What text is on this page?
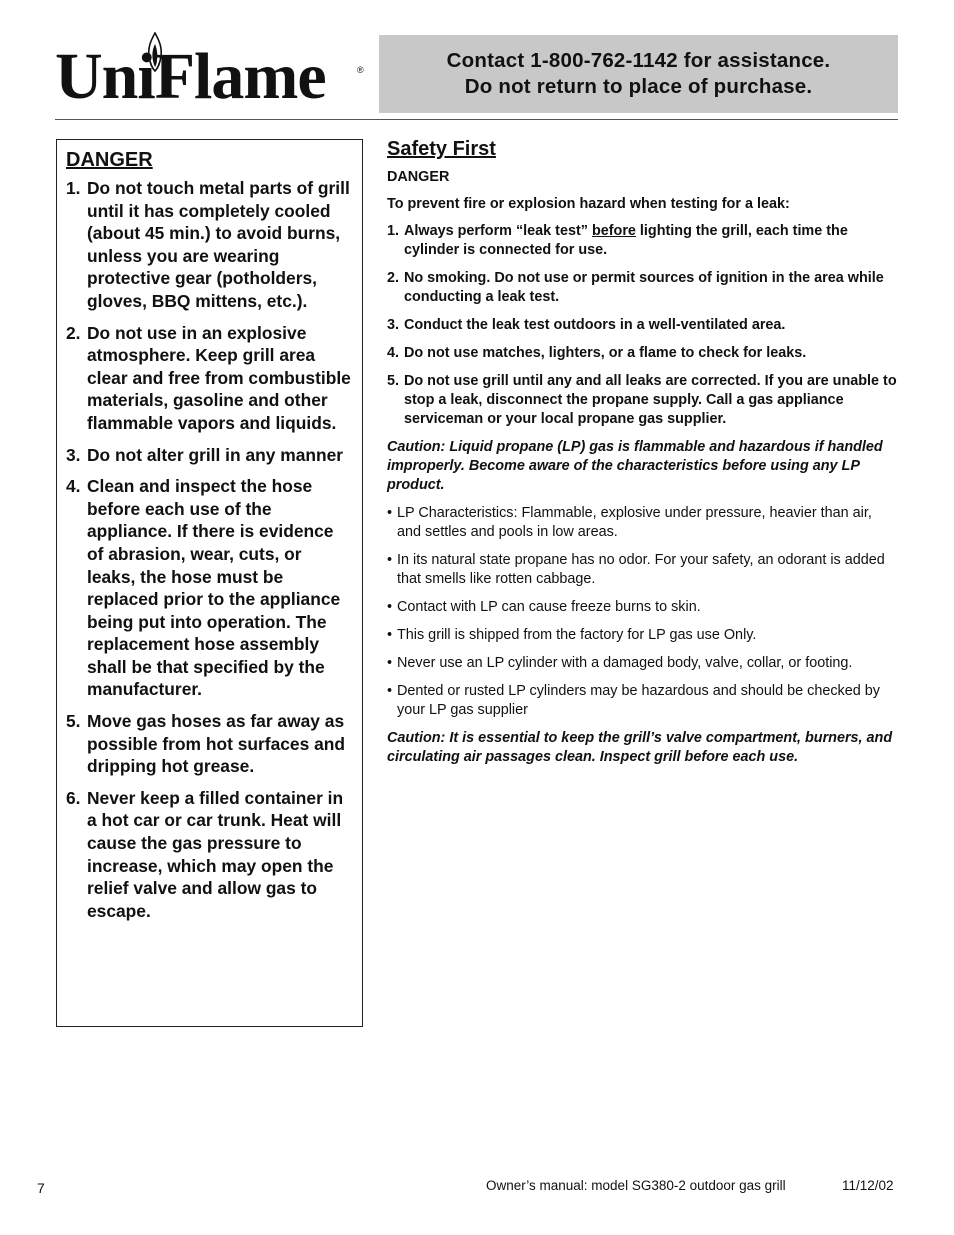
UniFlame	®	Contact 1-800-762-1142 for assistance.
Do not return to place of purchase.
DANGER
1. Do not touch metal parts of grill until it has completely cooled (about 45 min.) to avoid burns, unless you are wearing protective gear (potholders, gloves, BBQ mittens, etc.).
2. Do not use in an explosive atmosphere. Keep grill area clear and free from combustible materials, gasoline and other flammable vapors and liquids.
3. Do not alter grill in any manner
4. Clean and inspect the hose before each use of the appliance. If there is evidence of abrasion, wear, cuts, or leaks, the hose must be replaced prior to the appliance being put into operation. The replacement hose assembly shall be that specified by the manufacturer.
5. Move gas hoses as far away as possible from hot surfaces and dripping hot grease.
6. Never keep a filled container in a hot car or car trunk. Heat will cause the gas pressure to increase, which may open the relief valve and allow gas to escape.
Safety First
DANGER
To prevent fire or explosion hazard when testing for a leak:
1. Always perform “leak test” before lighting the grill, each time the cylinder is connected for use.
2. No smoking. Do not use or permit sources of ignition in the area while conducting a leak test.
3. Conduct the leak test outdoors in a well-ventilated area.
4. Do not use matches, lighters, or a flame to check for leaks.
5. Do not use grill until any and all leaks are corrected. If you are unable to stop a leak, disconnect the propane supply. Call a gas appliance serviceman or your local propane gas supplier.
Caution: Liquid propane (LP) gas is flammable and hazardous if handled improperly. Become aware of the characteristics before using any LP product.
• LP Characteristics: Flammable, explosive under pressure, heavier than air, and settles and pools in low areas.
• In its natural state propane has no odor. For your safety, an odorant is added that smells like rotten cabbage.
• Contact with LP can cause freeze burns to skin.
• This grill is shipped from the factory for LP gas use Only.
• Never use an LP cylinder with a damaged body, valve, collar, or footing.
• Dented or rusted LP cylinders may be hazardous and should be checked by your LP gas supplier
Caution: It is essential to keep the grill’s valve compartment, burners, and circulating air passages clean. Inspect grill before each use.
7	Owner’s manual: model SG380-2 outdoor gas grill	11/12/02
